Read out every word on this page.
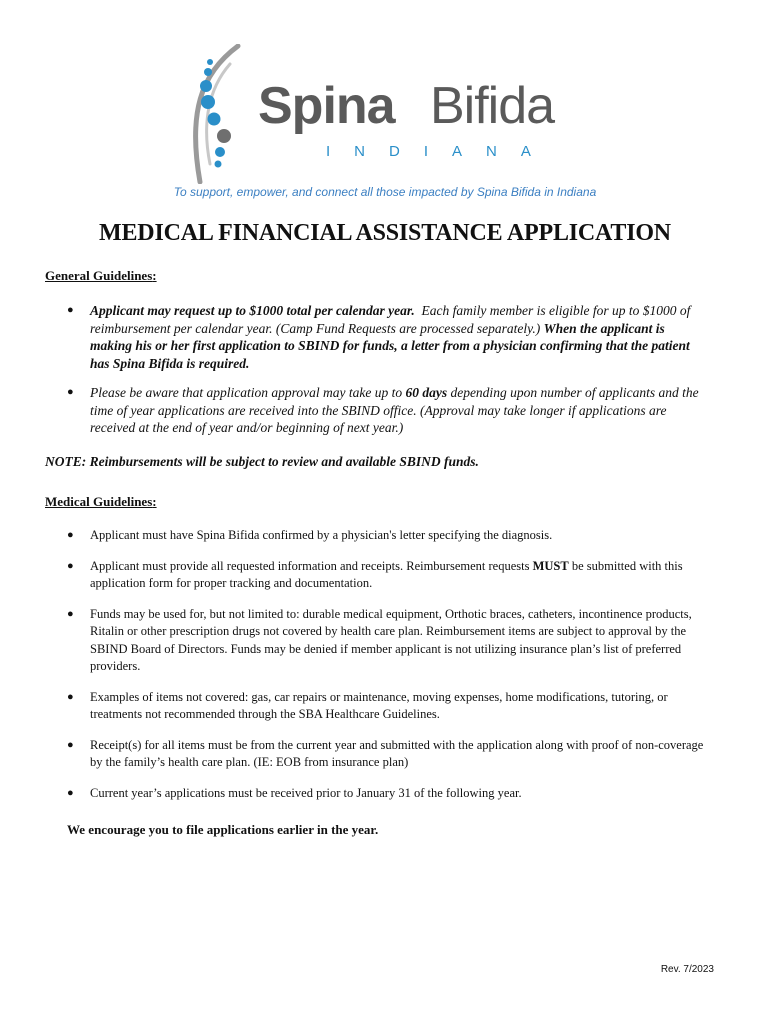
Spina Bifida
INDIANA
To support, empower, and connect all those impacted by Spina Bifida in Indiana
MEDICAL FINANCIAL ASSISTANCE APPLICATION
General Guidelines:
● Applicant may request up to $1000 total per calendar year. Each family member is eligible for up to $1000 of reimbursement per calendar year. (Camp Fund Requests are processed separately.) When the applicant is making his or her first application to SBIND for funds, a letter from a physician confirming that the patient has Spina Bifida is required.
● Please be aware that application approval may take up to 60 days depending upon number of applicants and the time of year applications are received into the SBIND office. (Approval may take longer if applications are received at the end of year and/or beginning of next year.)
NOTE: Reimbursements will be subject to review and available SBIND funds.
Medical Guidelines:
● Applicant must have Spina Bifida confirmed by a physician's letter specifying the diagnosis.
● Applicant must provide all requested information and receipts. Reimbursement requests MUST be submitted with this application form for proper tracking and documentation.
● Funds may be used for, but not limited to: durable medical equipment, Orthotic braces, catheters, incontinence products, Ritalin or other prescription drugs not covered by health care plan. Reimbursement items are subject to approval by the SBIND Board of Directors. Funds may be denied if member applicant is not utilizing insurance plan’s list of preferred providers.
● Examples of items not covered: gas, car repairs or maintenance, moving expenses, home modifications, tutoring, or treatments not recommended through the SBA Healthcare Guidelines.
● Receipt(s) for all items must be from the current year and submitted with the application along with proof of non-coverage by the family’s health care plan. (IE: EOB from insurance plan)
● Current year’s applications must be received prior to January 31 of the following year.
We encourage you to file applications earlier in the year.
Rev. 7/2023
